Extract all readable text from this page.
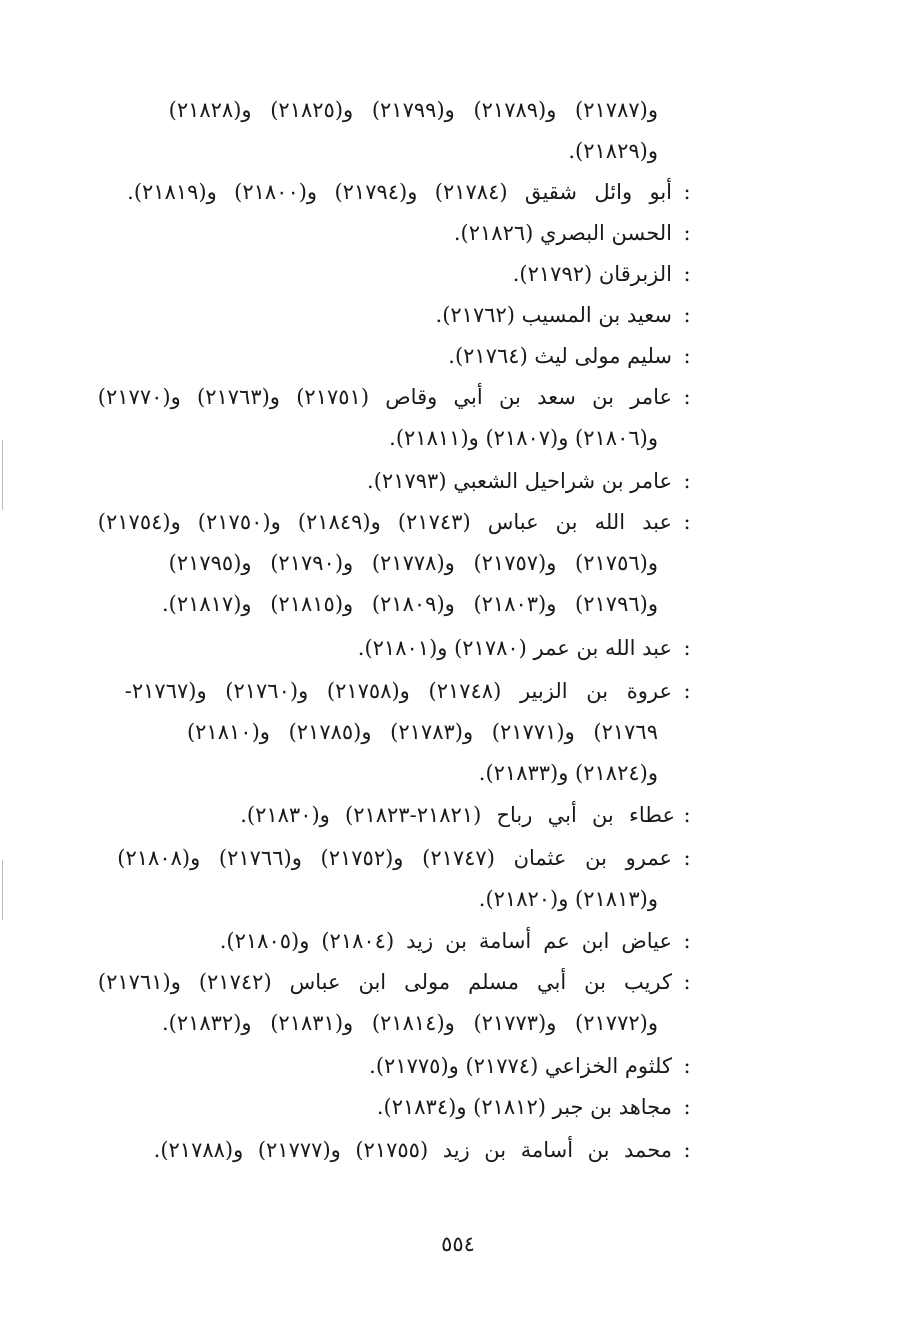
و(٢١٧٨٧) و(٢١٧٨٩) و(٢١٧٩٩) و(٢١٨٢٥) و(٢١٨٢٨)
و(٢١٨٢٩).
أبو وائل شقيق (٢١٧٨٤) و(٢١٧٩٤) و(٢١٨٠٠) و(٢١٨١٩). :
الحسن البصري (٢١٨٢٦). :
الزبرقان (٢١٧٩٢). :
سعيد بن المسيب (٢١٧٦٢). :
سليم مولى ليث (٢١٧٦٤). :
عامر بن سعد بن أبي وقاص (٢١٧٥١) و(٢١٧٦٣) و(٢١٧٧٠) :
و(٢١٨٠٦) و(٢١٨٠٧) و(٢١٨١١).
عامر بن شراحيل الشعبي (٢١٧٩٣). :
عبد الله بن عباس (٢١٧٤٣) و(٢١٨٤٩) و(٢١٧٥٠) و(٢١٧٥٤) :
و(٢١٧٥٦) و(٢١٧٥٧) و(٢١٧٧٨) و(٢١٧٩٠) و(٢١٧٩٥)
و(٢١٧٩٦) و(٢١٨٠٣) و(٢١٨٠٩) و(٢١٨١٥) و(٢١٨١٧).
عبد الله بن عمر (٢١٧٨٠) و(٢١٨٠١). :
عروة بن الزبير (٢١٧٤٨) و(٢١٧٥٨) و(٢١٧٦٠) و(٢١٧٦٧- :
٢١٧٦٩) و(٢١٧٧١) و(٢١٧٨٣) و(٢١٧٨٥) و(٢١٨١٠)
و(٢١٨٢٤) و(٢١٨٣٣).
عطاء بن أبي رباح (٢١٨٢١-٢١٨٢٣) و(٢١٨٣٠). :
عمرو بن عثمان (٢١٧٤٧) و(٢١٧٥٢) و(٢١٧٦٦) و(٢١٨٠٨) :
و(٢١٨١٣) و(٢١٨٢٠).
عياض ابن عم أسامة بن زيد (٢١٨٠٤) و(٢١٨٠٥). :
كريب بن أبي مسلم مولى ابن عباس (٢١٧٤٢) و(٢١٧٦١) :
و(٢١٧٧٢) و(٢١٧٧٣) و(٢١٨١٤) و(٢١٨٣١) و(٢١٨٣٢).
كلثوم الخزاعي (٢١٧٧٤) و(٢١٧٧٥). :
مجاهد بن جبر (٢١٨١٢) و(٢١٨٣٤). :
محمد بن أسامة بن زيد (٢١٧٥٥) و(٢١٧٧٧) و(٢١٧٨٨). :
٥٥٤
